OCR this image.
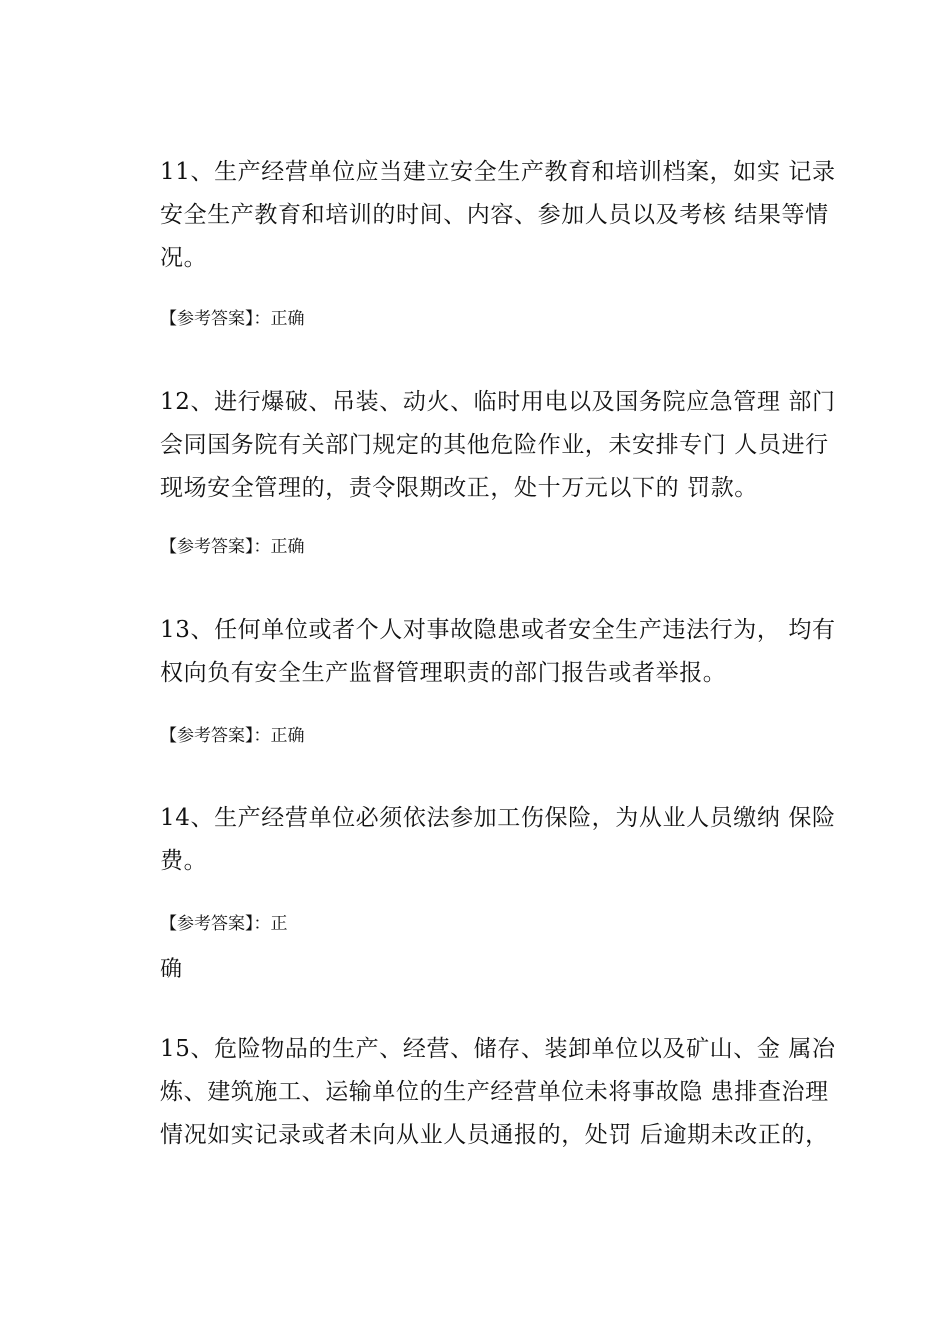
11、生产经营单位应当建立安全生产教育和培训档案，如实 记录
安全生产教育和培训的时间、内容、参加人员以及考核 结果等情
况。

【参考答案】：正确

12、进行爆破、吊装、动火、临时用电以及国务院应急管理 部门
会同国务院有关部门规定的其他危险作业，未安排专门 人员进行
现场安全管理的，责令限期改正，处十万元以下的 罚款。

【参考答案】：正确

13、任何单位或者个人对事故隐患或者安全生产违法行为， 均有
权向负有安全生产监督管理职责的部门报告或者举报。

【参考答案】：正确

14、生产经营单位必须依法参加工伤保险，为从业人员缴纳 保险
费。

【参考答案】：正

确

15、危险物品的生产、经营、储存、装卸单位以及矿山、金 属冶
炼、建筑施工、运输单位的生产经营单位未将事故隐 患排查治理
情况如实记录或者未向从业人员通报的，处罚 后逾期未改正的，
